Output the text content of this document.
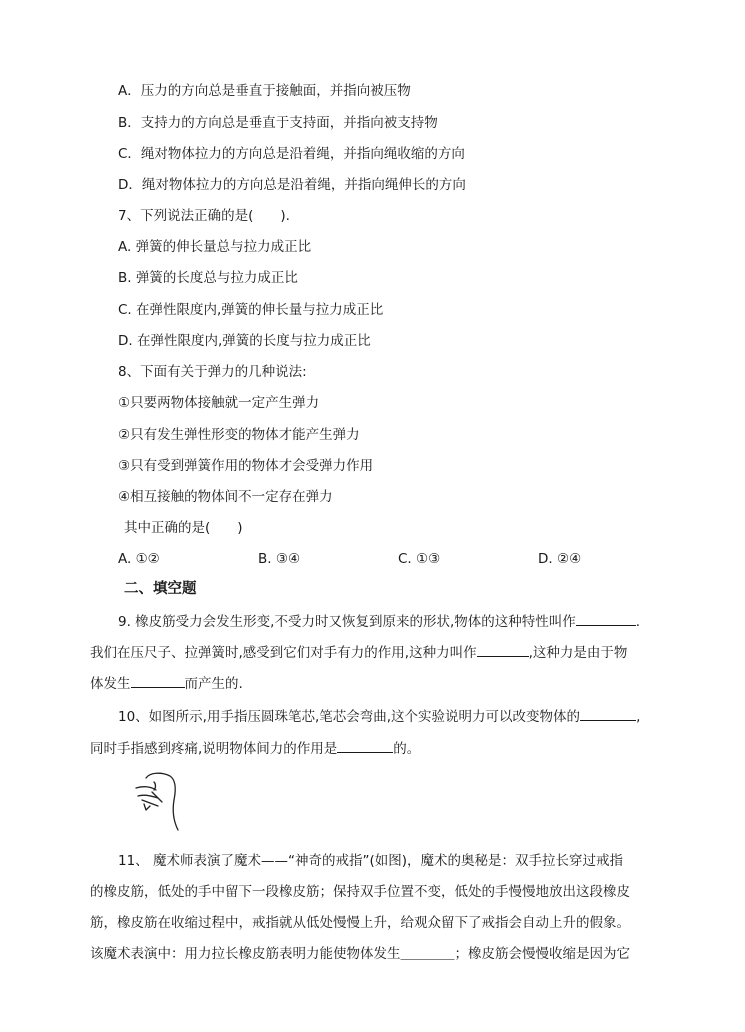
A．压力的方向总是垂直于接触面，并指向被压物
B．支持力的方向总是垂直于支持面，并指向被支持物
C．绳对物体拉力的方向总是沿着绳，并指向绳收缩的方向
D．绳对物体拉力的方向总是沿着绳，并指向绳伸长的方向
7、下列说法正确的是(　　).
A. 弹簧的伸长量总与拉力成正比
B. 弹簧的长度总与拉力成正比
C. 在弹性限度内,弹簧的伸长量与拉力成正比
D. 在弹性限度内,弹簧的长度与拉力成正比
8、下面有关于弹力的几种说法:
①只要两物体接触就一定产生弹力
②只有发生弹性形变的物体才能产生弹力
③只有受到弹簧作用的物体才会受弹力作用
④相互接触的物体间不一定存在弹力
其中正确的是(　　)
A. ①②	B. ③④	C. ①③	D. ②④
二、填空题
9. 橡皮筋受力会发生形变,不受力时又恢复到原来的形状,物体的这种特性叫作	.
我们在压尺子、拉弹簧时,感受到它们对手有力的作用,这种力叫作	,这种力是由于物
体发生	而产生的.
10、如图所示,用手指压圆珠笔芯,笔芯会弯曲,这个实验说明力可以改变物体的	,
同时手指感到疼痛,说明物体间力的作用是	的。
11、 魔术师表演了魔术——“神奇的戒指”(如图)，魔术的奥秘是：双手拉长穿过戒指
的橡皮筋，低处的手中留下一段橡皮筋；保持双手位置不变，低处的手慢慢地放出这段橡皮
筋，橡皮筋在收缩过程中，戒指就从低处慢慢上升，给观众留下了戒指会自动上升的假象。
该魔术表演中：用力拉长橡皮筋表明力能使物体发生＿＿＿＿；橡皮筋会慢慢收缩是因为它
